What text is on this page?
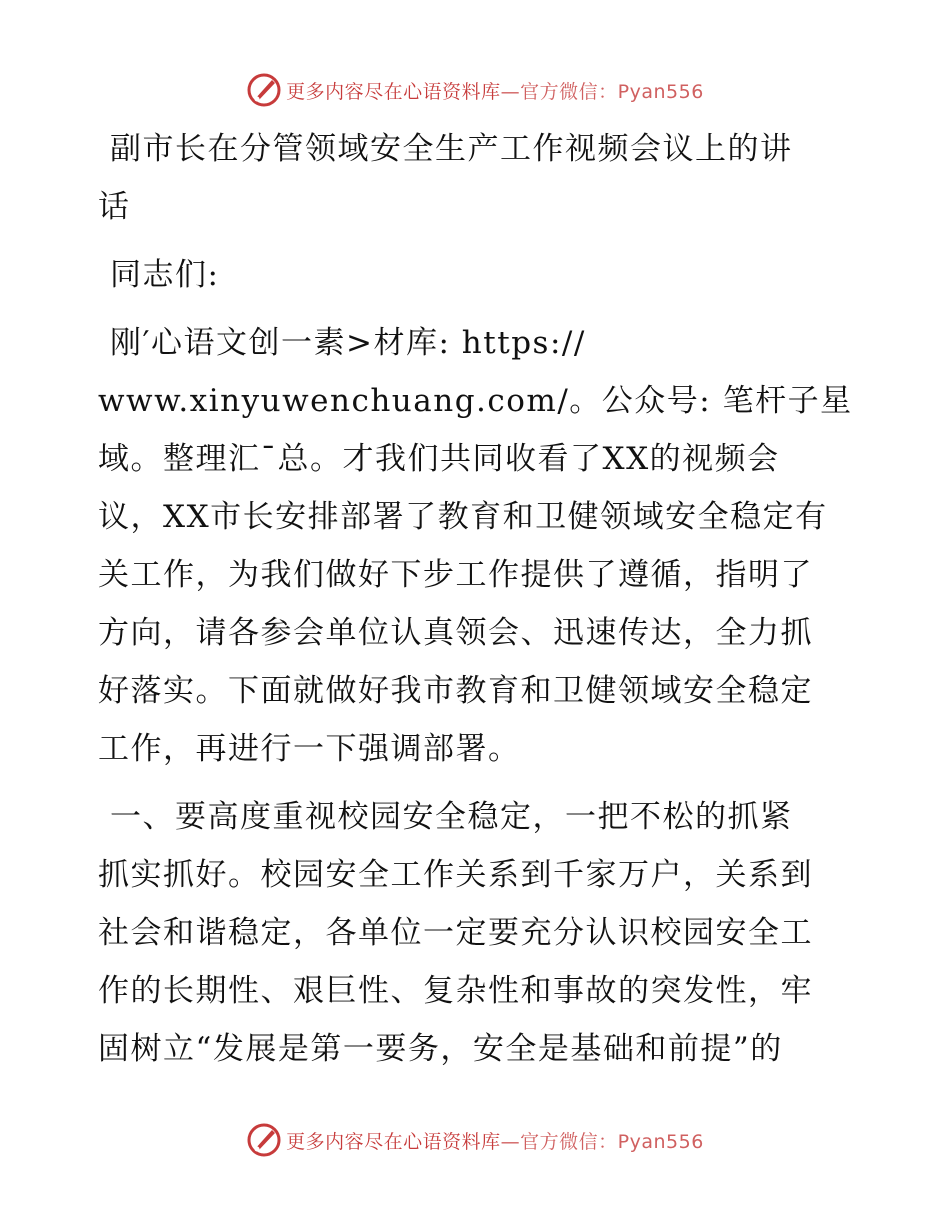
更多内容尽在心语资料库 —官方微信：Pyan556
副市长在分管领域安全生产工作视频会议上的讲
话
同志们:
刚′心语文创一素>材库: https://
www.xinyuwenchuang.com/。公众号: 笔杆子星
域。整理汇¯总。才我们共同收看了XX的视频会
议，XX市长安排部署了教育和卫健领域安全稳定有
关工作，为我们做好下步工作提供了遵循，指明了
方向，请各参会单位认真领会、迅速传达，全力抓
好落实。下面就做好我市教育和卫健领域安全稳定
工作，再进行一下强调部署。
一、要高度重视校园安全稳定，一把不松的抓紧
抓实抓好。校园安全工作关系到千家万户，关系到
社会和谐稳定，各单位一定要充分认识校园安全工
作的长期性、艰巨性、复杂性和事故的突发性，牢
固树立“发展是第一要务，安全是基础和前提”的
更多内容尽在心语资料库 —官方微信：Pyan556
